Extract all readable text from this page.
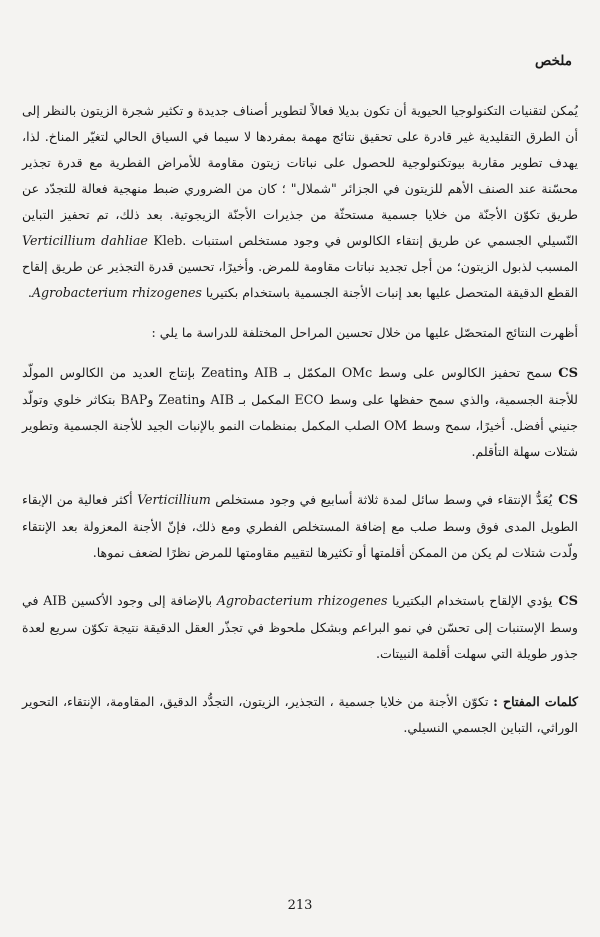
ملخص

يُمكن لتقنيات التكنولوجيا الحيوية أن تكون بديلا فعالاً لتطوير أصناف جديدة و تكثير شجرة الزيتون بالنظر إلى أن الطرق التقليدية غير قادرة على تحقيق نتائج مهمة بمفردها لا سيما في السياق الحالي لتغيّر المناخ. لذا، يهدف تطوير مقاربة بيوتكنولوجية للحصول على نباتات زيتون مقاومة للأمراض الفطرية مع قدرة تجذير محسّنة عند الصنف الأهم للزيتون في الجزائر "شملال" ؛ كان من الضروري ضبط منهجية فعالة للتجدّد عن طريق تكوّن الأجنّة من خلايا جسمية مستحثّة من جذيرات الأجنّة الزيجوتية. بعد ذلك، تم تحفيز التباين النّسيلي الجسمي عن طريق إنتقاء الكالوس في وجود مستخلص استنبات Verticillium dahliae Kleb. المسبب لذبول الزيتون؛ من أجل تجديد نباتات مقاومة للمرض. وأخيرًا، تحسين قدرة التجذير عن طريق إلقاح القطع الدقيقة المتحصل عليها بعد إنبات الأجنة الجسمية باستخدام بكتيريا Agrobacterium rhizogenes.

أظهرت النتائج المتحصّل عليها من خلال تحسين المراحل المختلفة للدراسة ما يلي :

CSسمح تحفيز الكالوس على وسط OMc المكمّل بـ AIB وZeatin بإنتاج العديد من الكالوس المولّد للأجنة الجسمية، والذي سمح حفظها على وسط ECO المكمل بـ AIB وZeatin وBAP بتكاثر خلوي وتولّد جنيني أفضل. أخيرًا، سمح وسط OM الصلب المكمل بمنظمات النمو بالإنبات الجيد للأجنة الجسمية وتطوير شتلات سهلة التأقلم.

CSيُعَدُّ الإنتقاء في وسط سائل لمدة ثلاثة أسابيع في وجود مستخلص Verticillium أكثر فعالية من الإبقاء الطويل المدى فوق وسط صلب مع إضافة المستخلص الفطري ومع ذلك، فإنّ الأجنة المعزولة بعد الإنتقاء ولّدت شتلات لم يكن من الممكن أقلمتها أو تكثيرها لتقييم مقاومتها للمرض نظرًا لضعف نموها.

CSيؤدي الإلقاح باستخدام البكتيريا Agrobacterium rhizogenes بالإضافة إلى وجود الأكسين AIB في وسط الإستنبات إلى تحسّن في نمو البراعم وبشكل ملحوظ في تجذّر العقل الدقيقة نتيجة تكوّن سريع لعدة جذور طويلة التي سهلت أقلمة النبيتات.

كلمات المفتاح : تكوّن الأجنة من خلايا جسمية ، التجذير، الزيتون، التجدُّد الدقيق، المقاومة، الإنتقاء، التحوير الوراثي، التباين الجسمي النسيلي.

213
